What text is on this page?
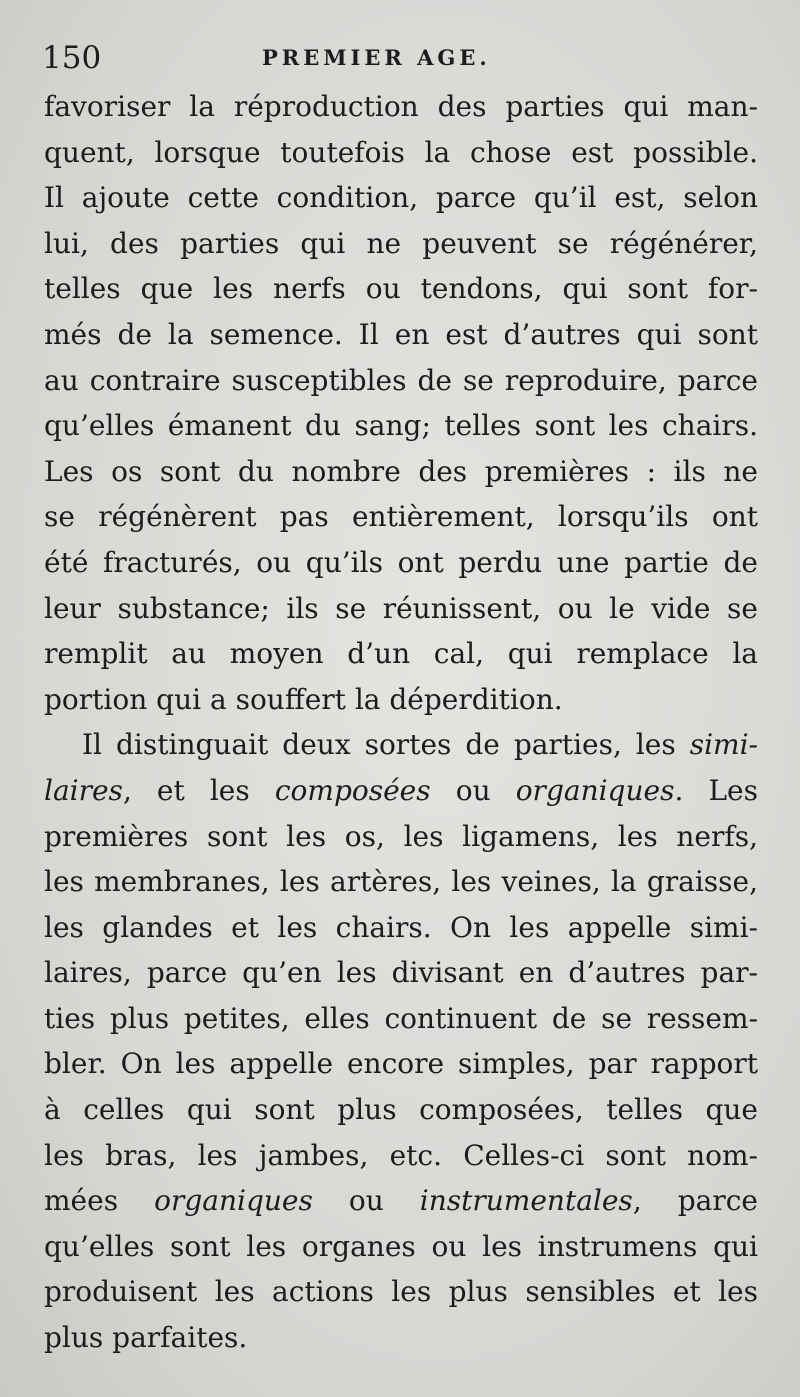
150	PREMIER AGE.
favoriser la réproduction des parties qui man-
quent, lorsque toutefois la chose est possible.
Il ajoute cette condition, parce qu’il est, selon
lui, des parties qui ne peuvent se régénérer,
telles que les nerfs ou tendons, qui sont for-
més de la semence. Il en est d’autres qui sont
au contraire susceptibles de se reproduire, parce
qu’elles émanent du sang; telles sont les chairs.
Les os sont du nombre des premières : ils ne
se régénèrent pas entièrement, lorsqu’ils ont
été fracturés, ou qu’ils ont perdu une partie de
leur substance; ils se réunissent, ou le vide se
remplit au moyen d’un cal, qui remplace la
portion qui a souffert la déperdition.
Il distinguait deux sortes de parties, les simi-
laires, et les composées ou organiques. Les
premières sont les os, les ligamens, les nerfs,
les membranes, les artères, les veines, la graisse,
les glandes et les chairs. On les appelle simi-
laires, parce qu’en les divisant en d’autres par-
ties plus petites, elles continuent de se ressem-
bler. On les appelle encore simples, par rapport
à celles qui sont plus composées, telles que
les bras, les jambes, etc. Celles-ci sont nom-
mées organiques ou instrumentales, parce
qu’elles sont les organes ou les instrumens qui
produisent les actions les plus sensibles et les
plus parfaites.
